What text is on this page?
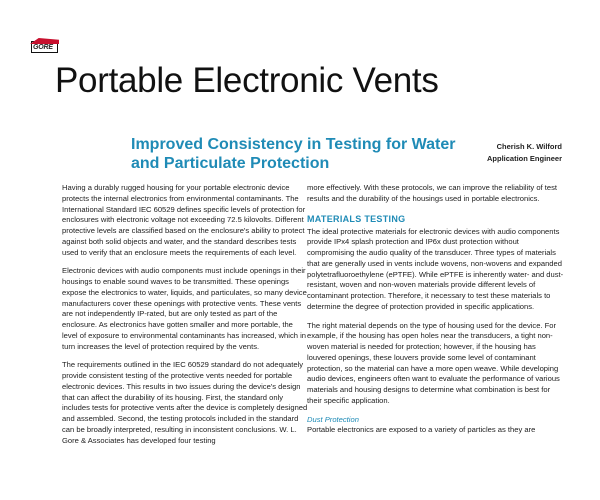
GORE
Portable Electronic Vents
Improved Consistency in Testing for Water and Particulate Protection
Cherish K. Wilford
Application Engineer

Having a durably rugged housing for your portable electronic device protects the internal electronics from environmental contaminants. The International Standard IEC 60529 defines specific levels of protection for enclosures with electronic voltage not exceeding 72.5 kilovolts. Different protective levels are classified based on the enclosure's ability to protect against both solid objects and water, and the standard describes tests used to verify that an enclosure meets the requirements of each level.

Electronic devices with audio components must include openings in their housings to enable sound waves to be transmitted. These openings expose the electronics to water, liquids, and particulates, so many device manufacturers cover these openings with protective vents. These vents are not independently IP-rated, but are only tested as part of the enclosure. As electronics have gotten smaller and more portable, the level of exposure to environmental contaminants has increased, which in turn increases the level of protection required by the vents.

The requirements outlined in the IEC 60529 standard do not adequately provide consistent testing of the protective vents needed for portable electronic devices. This results in two issues during the device's design that can affect the durability of its housing. First, the standard only includes tests for protective vents after the device is completely designed and assembled. Second, the testing protocols included in the standard can be broadly interpreted, resulting in inconsistent conclusions. W. L. Gore & Associates has developed four testing

more effectively. With these protocols, we can improve the reliability of test results and the durability of the housings used in portable electronics.

MATERIALS TESTING

The ideal protective materials for electronic devices with audio components provide IPx4 splash protection and IP6x dust protection without compromising the audio quality of the transducer. Three types of materials that are generally used in vents include wovens, non-wovens and expanded polytetrafluoroethylene (ePTFE). While ePTFE is inherently water- and dust-resistant, woven and non-woven materials provide different levels of contaminant protection. Therefore, it necessary to test these materials to determine the degree of protection provided in specific applications.

The right material depends on the type of housing used for the device. For example, if the housing has open holes near the transducers, a tight non-woven material is needed for protection; however, if the housing has louvered openings, these louvers provide some level of contaminant protection, so the material can have a more open weave. While developing audio devices, engineers often want to evaluate the performance of various materials and housing designs to determine what combination is best for their specific application.

Dust Protection

Portable electronics are exposed to a variety of particles as they are
